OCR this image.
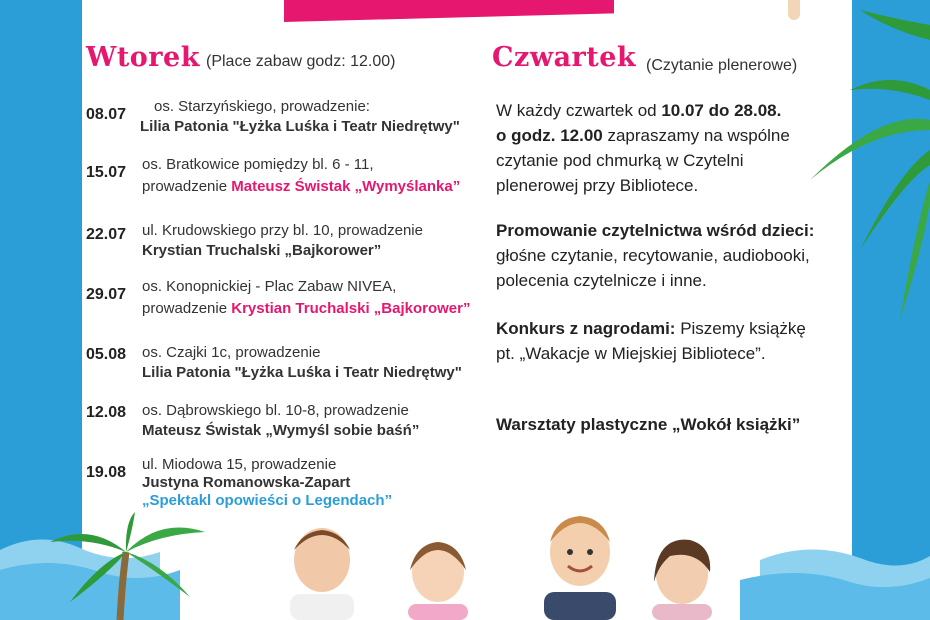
Wtorek (Place zabaw godz: 12.00)
08.07 os. Starzyńskiego, prowadzenie:
Lilia Patonia "Łyżka Luśka i Teatr Niedrętwy"
15.07 os. Bratkowice pomiędzy bl. 6 - 11,
prowadzenie Mateusz Świstak „Wymyślanka”
22.07 ul. Krudowskiego przy bl. 10, prowadzenie
Krystian Truchalski „Bajkorower”
29.07 os. Konopnickiej - Plac Zabaw NIVEA,
prowadzenie Krystian Truchalski „Bajkorower”
05.08 os. Czajki 1c, prowadzenie
Lilia Patonia "Łyżka Luśka i Teatr Niedrętwy"
12.08 os. Dąbrowskiego bl. 10-8, prowadzenie
Mateusz Świstak „Wymyśl sobie baśń”
19.08 ul. Miodowa 15, prowadzenie
Justyna Romanowska-Zapart
„Spektakl opowieści o Legendach”
Czwartek (Czytanie plenerowe)
W każdy czwartek od 10.07 do 28.08.
o godz. 12.00 zapraszamy na wspólne
czytanie pod chmurką w Czytelni
plenerowej przy Bibliotece.
Promowanie czytelnictwa wśród dzieci:
głośne czytanie, recytowanie, audiobooki,
polecenia czytelnicze i inne.
Konkurs z nagrodami: Piszemy książkę
pt. „Wakacje w Miejskiej Bibliotece”.
Warsztaty plastyczne „Wokół książki”
